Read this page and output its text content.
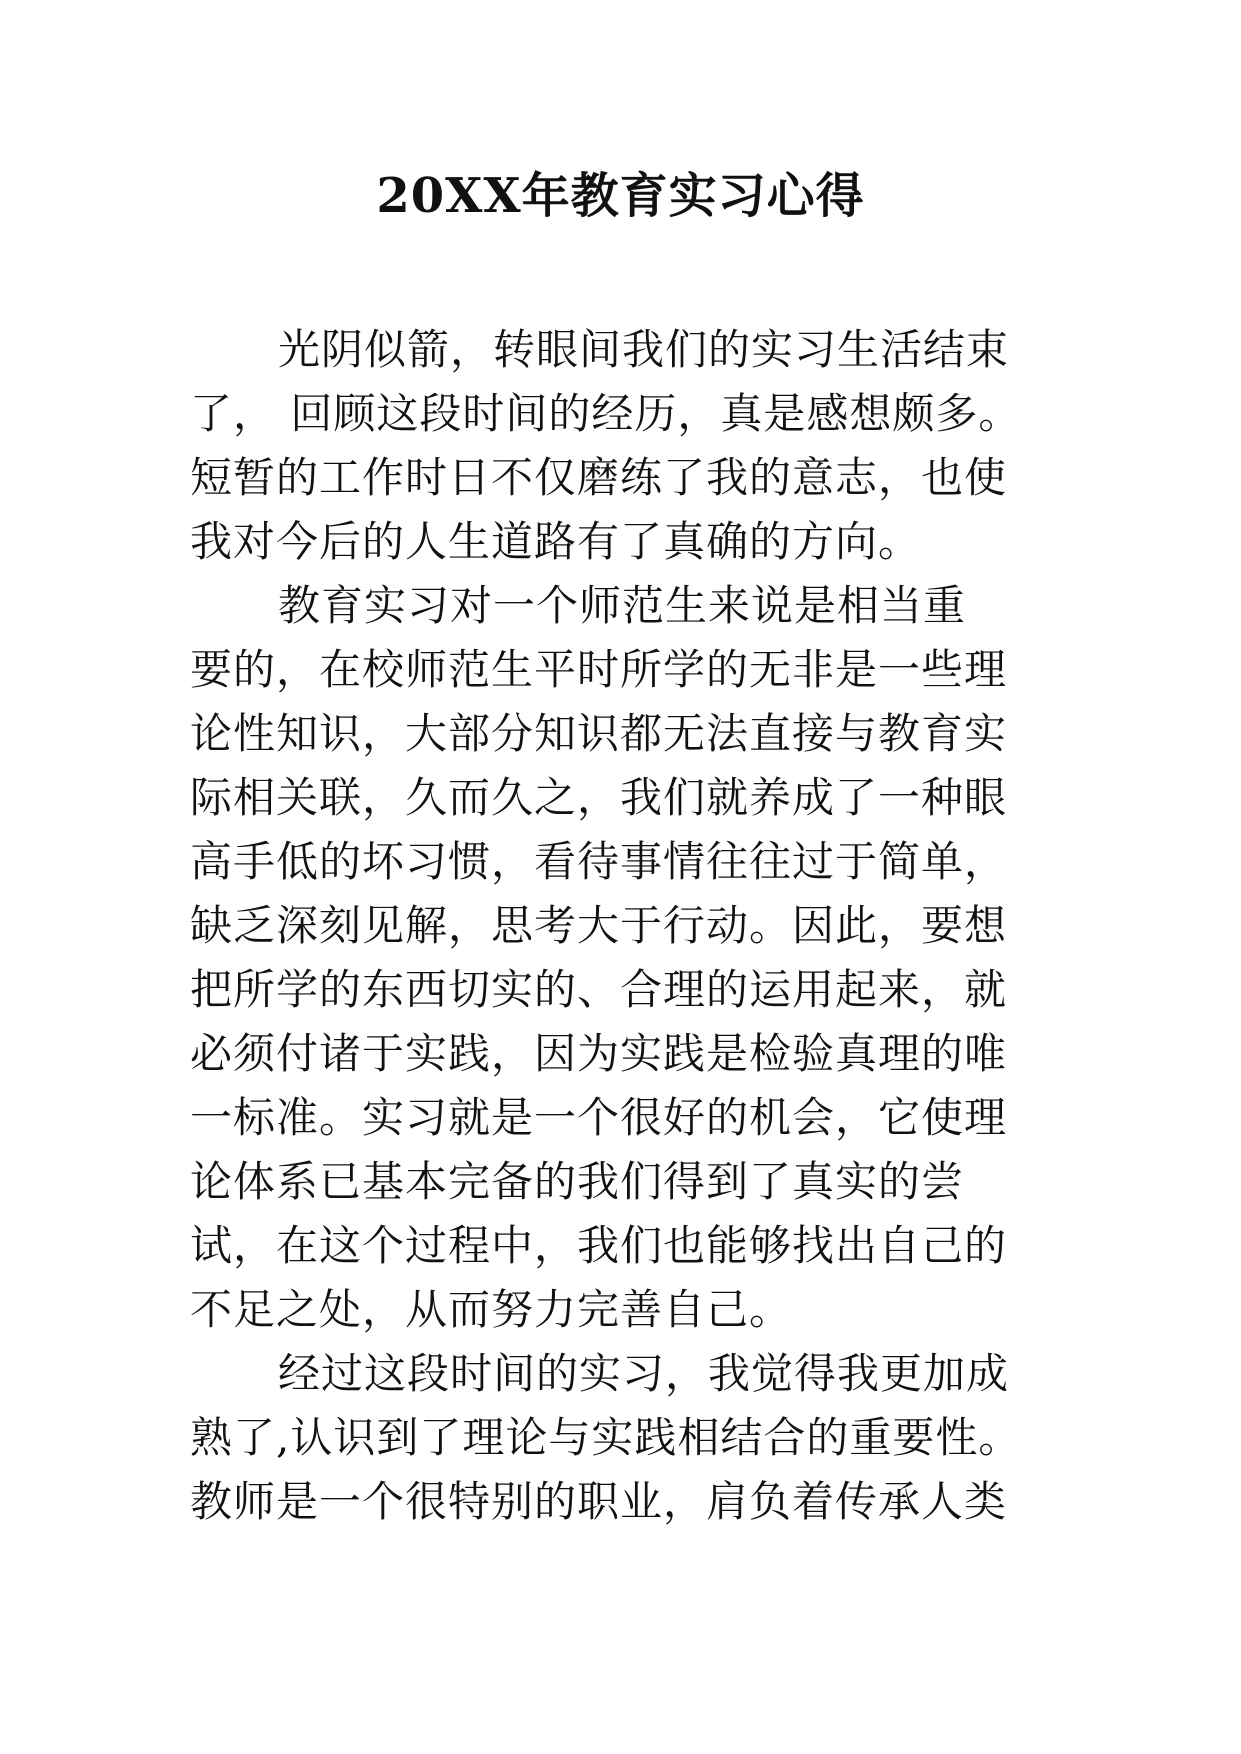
20XX年教育实习心得
光阴似箭，转眼间我们的实习生活结束
了， 回顾这段时间的经历，真是感想颇多。
短暂的工作时日不仅磨练了我的意志，也使
我对今后的人生道路有了真确的方向。
教育实习对一个师范生来说是相当重
要的，在校师范生平时所学的无非是一些理
论性知识，大部分知识都无法直接与教育实
际相关联，久而久之，我们就养成了一种眼
高手低的坏习惯，看待事情往往过于简单，
缺乏深刻见解，思考大于行动。因此，要想
把所学的东西切实的、合理的运用起来，就
必须付诸于实践，因为实践是检验真理的唯
一标准。实习就是一个很好的机会，它使理
论体系已基本完备的我们得到了真实的尝
试，在这个过程中，我们也能够找出自己的
不足之处，从而努力完善自己。
经过这段时间的实习，我觉得我更加成
熟了,认识到了理论与实践相结合的重要性。
教师是一个很特别的职业，肩负着传承人类
